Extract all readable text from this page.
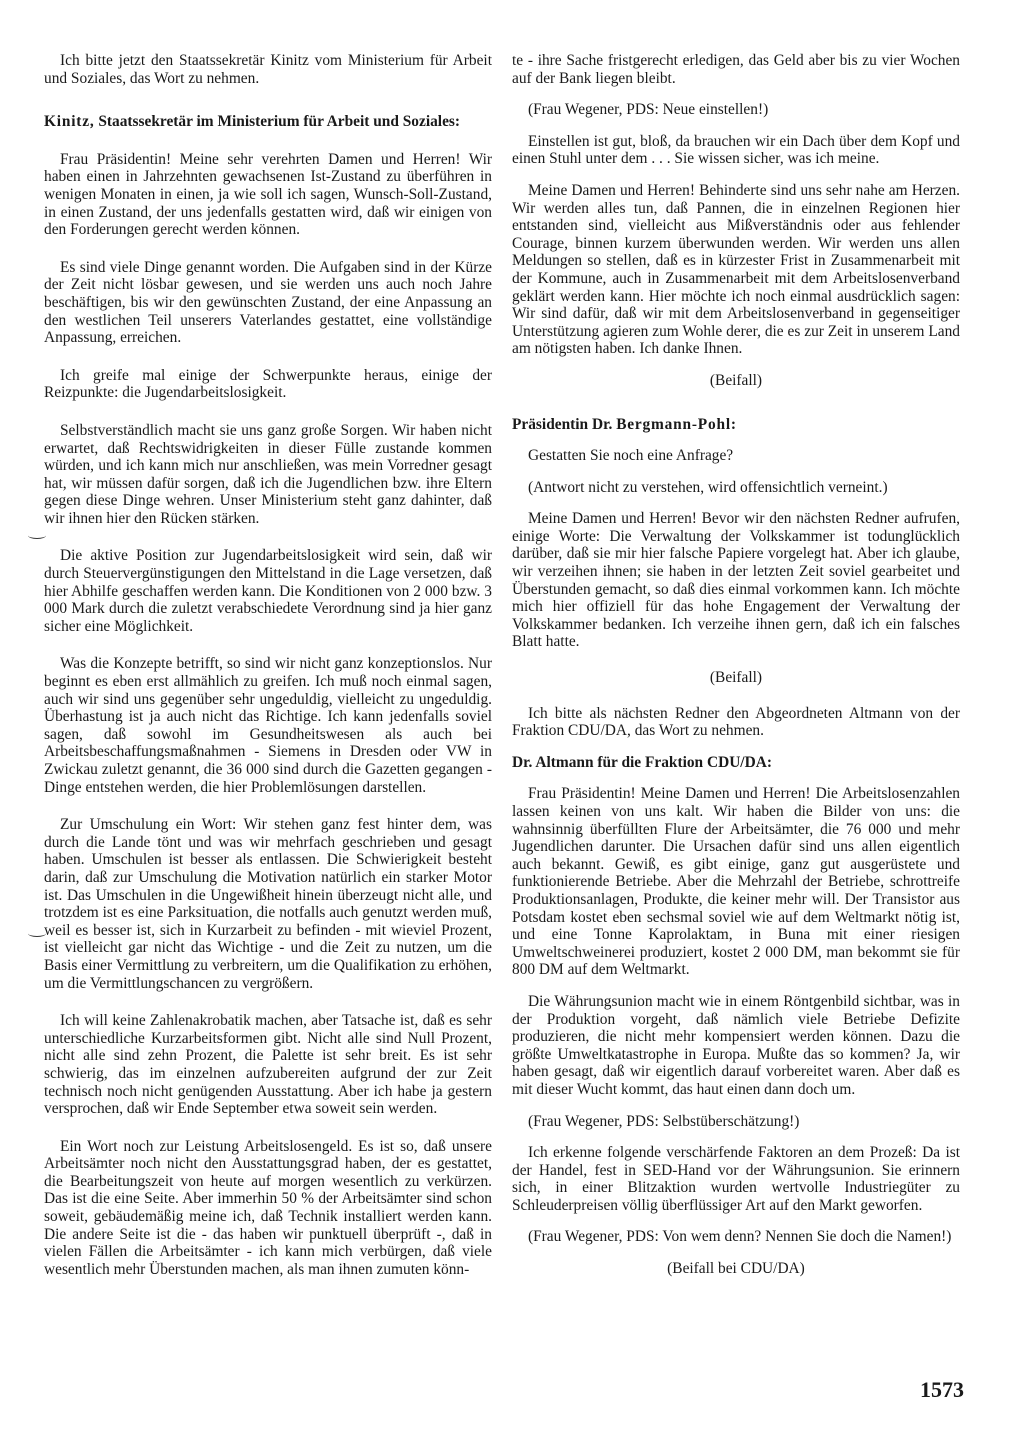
Ich bitte jetzt den Staatssekretär Kinitz vom Ministerium für Arbeit und Soziales, das Wort zu nehmen.

Kinitz, Staatssekretär im Ministerium für Arbeit und Soziales:

Frau Präsidentin! Meine sehr verehrten Damen und Herren! Wir haben einen in Jahrzehnten gewachsenen Ist-Zustand zu überführen in wenigen Monaten in einen, ja wie soll ich sagen, Wunsch-Soll-Zustand, in einen Zustand, der uns jedenfalls gestatten wird, daß wir einigen von den Forderungen gerecht werden können.

Es sind viele Dinge genannt worden. Die Aufgaben sind in der Kürze der Zeit nicht lösbar gewesen, und sie werden uns auch noch Jahre beschäftigen, bis wir den gewünschten Zustand, der eine Anpassung an den westlichen Teil unserers Vaterlandes gestattet, eine vollständige Anpassung, erreichen.

Ich greife mal einige der Schwerpunkte heraus, einige der Reizpunkte: die Jugendarbeitslosigkeit.

Selbstverständlich macht sie uns ganz große Sorgen. Wir haben nicht erwartet, daß Rechtswidrigkeiten in dieser Fülle zustande kommen würden, und ich kann mich nur anschließen, was mein Vorredner gesagt hat, wir müssen dafür sorgen, daß ich die Jugendlichen bzw. ihre Eltern gegen diese Dinge wehren. Unser Ministerium steht ganz dahinter, daß wir ihnen hier den Rücken stärken.

Die aktive Position zur Jugendarbeitslosigkeit wird sein, daß wir durch Steuervergünstigungen den Mittelstand in die Lage versetzen, daß hier Abhilfe geschaffen werden kann. Die Konditionen von 2 000 bzw. 3 000 Mark durch die zuletzt verabschiedete Verordnung sind ja hier ganz sicher eine Möglichkeit.

Was die Konzepte betrifft, so sind wir nicht ganz konzeptionslos. Nur beginnt es eben erst allmählich zu greifen. Ich muß noch einmal sagen, auch wir sind uns gegenüber sehr ungeduldig, vielleicht zu ungeduldig. Überhastung ist ja auch nicht das Richtige. Ich kann jedenfalls soviel sagen, daß sowohl im Gesundheitswesen als auch bei Arbeitsbeschaffungsmaßnahmen - Siemens in Dresden oder VW in Zwickau zuletzt genannt, die 36 000 sind durch die Gazetten gegangen - Dinge entstehen werden, die hier Problemlösungen darstellen.

Zur Umschulung ein Wort: Wir stehen ganz fest hinter dem, was durch die Lande tönt und was wir mehrfach geschrieben und gesagt haben. Umschulen ist besser als entlassen. Die Schwierigkeit besteht darin, daß zur Umschulung die Motivation natürlich ein starker Motor ist. Das Umschulen in die Ungewißheit hinein überzeugt nicht alle, und trotzdem ist es eine Parksituation, die notfalls auch genutzt werden muß, weil es besser ist, sich in Kurzarbeit zu befinden - mit wieviel Prozent, ist vielleicht gar nicht das Wichtige - und die Zeit zu nutzen, um die Basis einer Vermittlung zu verbreitern, um die Qualifikation zu erhöhen, um die Vermittlungschancen zu vergrößern.

Ich will keine Zahlenakrobatik machen, aber Tatsache ist, daß es sehr unterschiedliche Kurzarbeitsformen gibt. Nicht alle sind Null Prozent, nicht alle sind zehn Prozent, die Palette ist sehr breit. Es ist sehr schwierig, das im einzelnen aufzubereiten aufgrund der zur Zeit technisch noch nicht genügenden Ausstattung. Aber ich habe ja gestern versprochen, daß wir Ende September etwa soweit sein werden.

Ein Wort noch zur Leistung Arbeitslosengeld. Es ist so, daß unsere Arbeitsämter noch nicht den Ausstattungsgrad haben, der es gestattet, die Bearbeitungszeit von heute auf morgen wesentlich zu verkürzen. Das ist die eine Seite. Aber immerhin 50 % der Arbeitsämter sind schon soweit, gebäudemäßig meine ich, daß Technik installiert werden kann. Die andere Seite ist die - das haben wir punktuell überprüft -, daß in vielen Fällen die Arbeitsämter - ich kann mich verbürgen, daß viele wesentlich mehr Überstunden machen, als man ihnen zumuten könn-

te - ihre Sache fristgerecht erledigen, das Geld aber bis zu vier Wochen auf der Bank liegen bleibt.

(Frau Wegener, PDS: Neue einstellen!)

Einstellen ist gut, bloß, da brauchen wir ein Dach über dem Kopf und einen Stuhl unter dem . . . Sie wissen sicher, was ich meine.

Meine Damen und Herren! Behinderte sind uns sehr nahe am Herzen. Wir werden alles tun, daß Pannen, die in einzelnen Regionen hier entstanden sind, vielleicht aus Mißverständnis oder aus fehlender Courage, binnen kurzem überwunden werden. Wir werden uns allen Meldungen so stellen, daß es in kürzester Frist in Zusammenarbeit mit der Kommune, auch in Zusammenarbeit mit dem Arbeitslosenverband geklärt werden kann. Hier möchte ich noch einmal ausdrücklich sagen: Wir sind dafür, daß wir mit dem Arbeitslosenverband in gegenseitiger Unterstützung agieren zum Wohle derer, die es zur Zeit in unserem Land am nötigsten haben. Ich danke Ihnen.

(Beifall)

Präsidentin Dr. Bergmann-Pohl:

Gestatten Sie noch eine Anfrage?

(Antwort nicht zu verstehen, wird offensichtlich verneint.)

Meine Damen und Herren! Bevor wir den nächsten Redner aufrufen, einige Worte: Die Verwaltung der Volkskammer ist todunglücklich darüber, daß sie mir hier falsche Papiere vorgelegt hat. Aber ich glaube, wir verzeihen ihnen; sie haben in der letzten Zeit soviel gearbeitet und Überstunden gemacht, so daß dies einmal vorkommen kann. Ich möchte mich hier offiziell für das hohe Engagement der Verwaltung der Volkskammer bedanken. Ich verzeihe ihnen gern, daß ich ein falsches Blatt hatte.

(Beifall)

Ich bitte als nächsten Redner den Abgeordneten Altmann von der Fraktion CDU/DA, das Wort zu nehmen.

Dr. Altmann für die Fraktion CDU/DA:

Frau Präsidentin! Meine Damen und Herren! Die Arbeitslosenzahlen lassen keinen von uns kalt. Wir haben die Bilder von uns: die wahnsinnig überfüllten Flure der Arbeitsämter, die 76 000 und mehr Jugendlichen darunter. Die Ursachen dafür sind uns allen eigentlich auch bekannt. Gewiß, es gibt einige, ganz gut ausgerüstete und funktionierende Betriebe. Aber die Mehrzahl der Betriebe, schrottreife Produktionsanlagen, Produkte, die keiner mehr will. Der Transistor aus Potsdam kostet eben sechsmal soviel wie auf dem Weltmarkt nötig ist, und eine Tonne Kaprolaktam, in Buna mit einer riesigen Umweltschweinerei produziert, kostet 2 000 DM, man bekommt sie für 800 DM auf dem Weltmarkt.

Die Währungsunion macht wie in einem Röntgenbild sichtbar, was in der Produktion vorgeht, daß nämlich viele Betriebe Defizite produzieren, die nicht mehr kompensiert werden können. Dazu die größte Umweltkatastrophe in Europa. Mußte das so kommen? Ja, wir haben gesagt, daß wir eigentlich darauf vorbereitet waren. Aber daß es mit dieser Wucht kommt, das haut einen dann doch um.

(Frau Wegener, PDS: Selbstüberschätzung!)

Ich erkenne folgende verschärfende Faktoren an dem Prozeß: Da ist der Handel, fest in SED-Hand vor der Währungsunion. Sie erinnern sich, in einer Blitzaktion wurden wertvolle Industriegüter zu Schleuderpreisen völlig überflüssiger Art auf den Markt geworfen.

(Frau Wegener, PDS: Von wem denn? Nennen Sie doch die Namen!)

(Beifall bei CDU/DA)

1573
